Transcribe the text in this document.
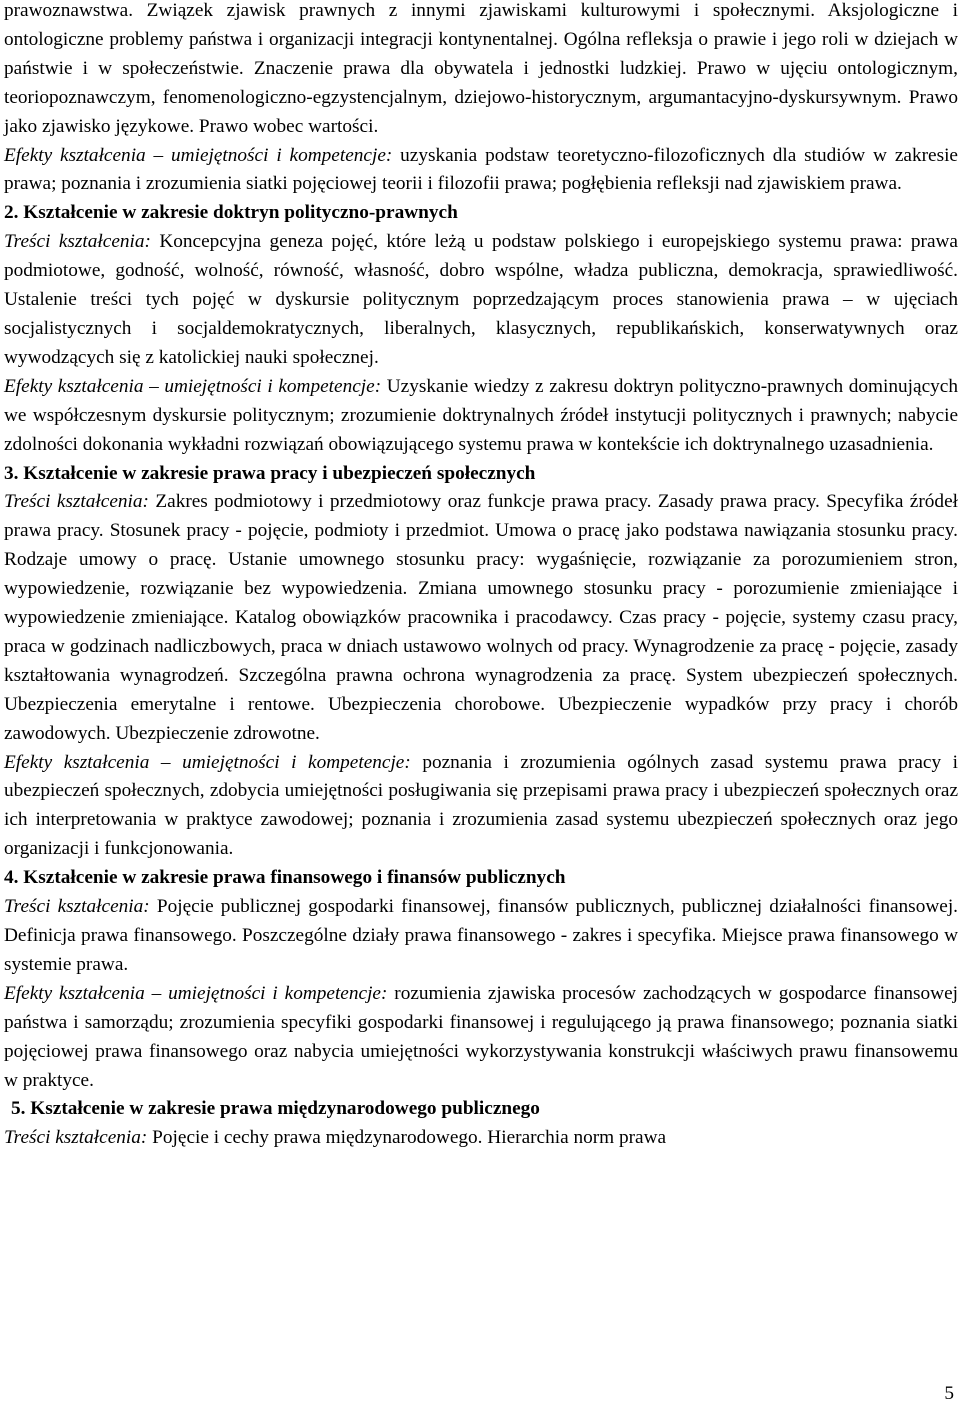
prawoznawstwa. Związek zjawisk prawnych z innymi zjawiskami kulturowymi i społecznymi. Aksjologiczne i ontologiczne problemy państwa i organizacji integracji kontynentalnej. Ogólna refleksja o prawie i jego roli w dziejach w państwie i w społeczeństwie. Znaczenie prawa dla obywatela i jednostki ludzkiej. Prawo w ujęciu ontologicznym, teoriopoznawczym, fenomenologiczno-egzystencjalnym, dziejowo-historycznym, argumantacyjno-dyskursywnym. Prawo jako zjawisko językowe. Prawo wobec wartości.

Efekty kształcenia – umiejętności i kompetencje: uzyskania podstaw teoretyczno-filozoficznych dla studiów w zakresie prawa; poznania i zrozumienia siatki pojęciowej teorii i filozofii prawa; pogłębienia refleksji nad zjawiskiem prawa.

2. Kształcenie w zakresie doktryn polityczno-prawnych

Treści kształcenia: Koncepcyjna geneza pojęć, które leżą u podstaw polskiego i europejskiego systemu prawa: prawa podmiotowe, godność, wolność, równość, własność, dobro wspólne, władza publiczna, demokracja, sprawiedliwość. Ustalenie treści tych pojęć w dyskursie politycznym poprzedzającym proces stanowienia prawa – w ujęciach socjalistycznych i socjaldemokratycznych, liberalnych, klasycznych, republikańskich, konserwatywnych oraz wywodzących się z katolickiej nauki społecznej.

Efekty kształcenia – umiejętności i kompetencje: Uzyskanie wiedzy z zakresu doktryn polityczno-prawnych dominujących we współczesnym dyskursie politycznym; zrozumienie doktrynalnych źródeł instytucji politycznych i prawnych; nabycie zdolności dokonania wykładni rozwiązań obowiązującego systemu prawa w kontekście ich doktrynalnego uzasadnienia.

3. Kształcenie w zakresie prawa pracy i ubezpieczeń społecznych

Treści kształcenia: Zakres podmiotowy i przedmiotowy oraz funkcje prawa pracy. Zasady prawa pracy. Specyfika źródeł prawa pracy. Stosunek pracy - pojęcie, podmioty i przedmiot. Umowa o pracę jako podstawa nawiązania stosunku pracy. Rodzaje umowy o pracę. Ustanie umownego stosunku pracy: wygaśnięcie, rozwiązanie za porozumieniem stron, wypowiedzenie, rozwiązanie bez wypowiedzenia. Zmiana umownego stosunku pracy - porozumienie zmieniające i wypowiedzenie zmieniające. Katalog obowiązków pracownika i pracodawcy. Czas pracy - pojęcie, systemy czasu pracy, praca w godzinach nadliczbowych, praca w dniach ustawowo wolnych od pracy. Wynagrodzenie za pracę - pojęcie, zasady kształtowania wynagrodzeń. Szczególna prawna ochrona wynagrodzenia za pracę. System ubezpieczeń społecznych. Ubezpieczenia emerytalne i rentowe. Ubezpieczenia chorobowe. Ubezpieczenie wypadków przy pracy i chorób zawodowych. Ubezpieczenie zdrowotne.

Efekty kształcenia – umiejętności i kompetencje: poznania i zrozumienia ogólnych zasad systemu prawa pracy i ubezpieczeń społecznych, zdobycia umiejętności posługiwania się przepisami prawa pracy i ubezpieczeń społecznych oraz ich interpretowania w praktyce zawodowej; poznania i zrozumienia zasad systemu ubezpieczeń społecznych oraz jego organizacji i funkcjonowania.

4. Kształcenie w zakresie prawa finansowego i finansów publicznych

Treści kształcenia: Pojęcie publicznej gospodarki finansowej, finansów publicznych, publicznej działalności finansowej. Definicja prawa finansowego. Poszczególne działy prawa finansowego - zakres i specyfika. Miejsce prawa finansowego w systemie prawa.

Efekty kształcenia – umiejętności i kompetencje: rozumienia zjawiska procesów zachodzących w gospodarce finansowej państwa i samorządu; zrozumienia specyfiki gospodarki finansowej i regulującego ją prawa finansowego; poznania siatki pojęciowej prawa finansowego oraz nabycia umiejętności wykorzystywania konstrukcji właściwych prawu finansowemu w praktyce.

5. Kształcenie w zakresie prawa międzynarodowego publicznego

Treści kształcenia: Pojęcie i cechy prawa międzynarodowego. Hierarchia norm prawa

5
